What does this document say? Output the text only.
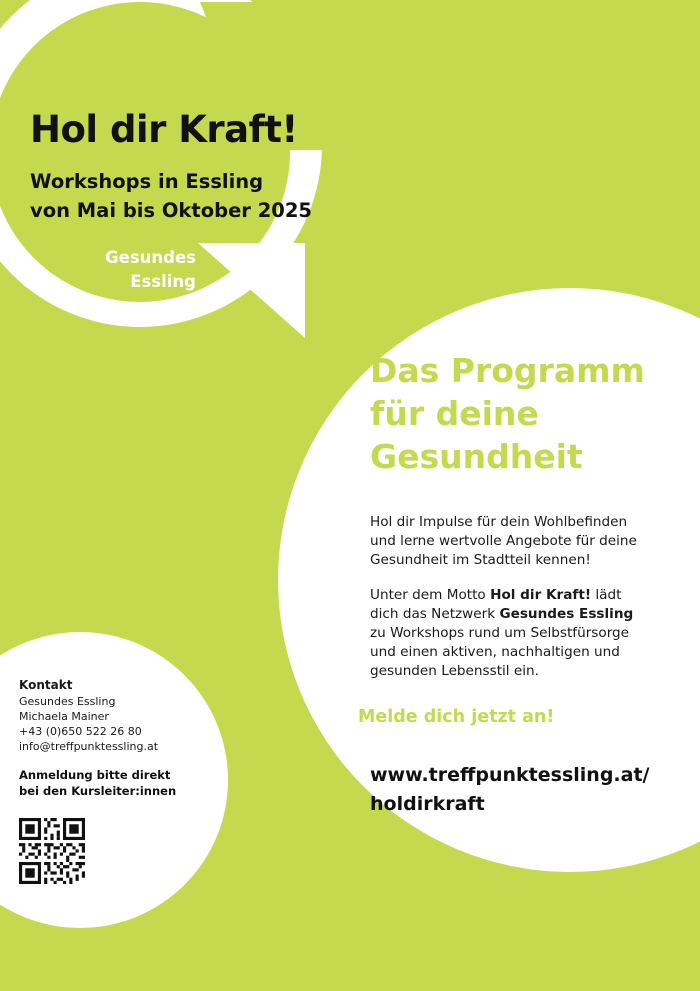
Hol dir Kraft!
Workshops in Essling
von Mai bis Oktober 2025
Gesundes
Essling
Das Programm
für deine
Gesundheit
Hol dir Impulse für dein Wohlbefinden
und lerne wertvolle Angebote für deine
Gesundheit im Stadtteil kennen!
Unter dem Motto Hol dir Kraft! lädt
dich das Netzwerk Gesundes Essling
zu Workshops rund um Selbstfürsorge
und einen aktiven, nachhaltigen und
gesunden Lebensstil ein.
Melde dich jetzt an!
www.treffpunktessling.at/
holdirkraft
Kontakt
Gesundes Essling
Michaela Mainer
+43 (0)650 522 26 80
info@treffpunktessling.at
Anmeldung bitte direkt
bei den Kursleiter:innen
